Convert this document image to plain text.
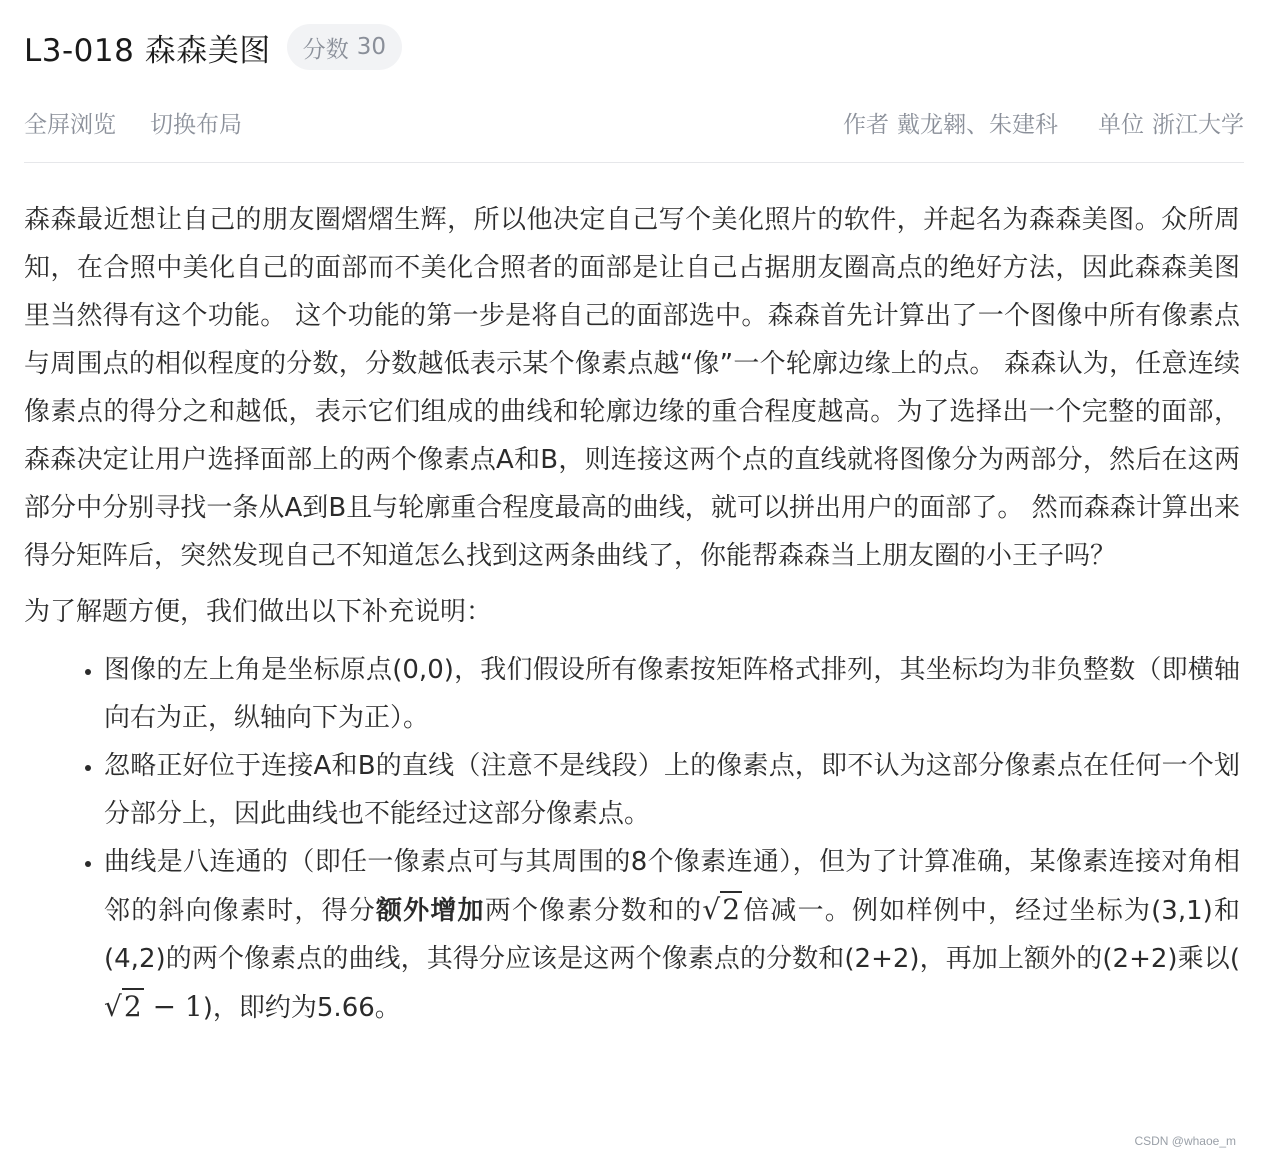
L3-018 森森美图 分数 30
全屏浏览 切换布局	作者 戴龙翱、朱建科 单位 浙江大学

森森最近想让自己的朋友圈熠熠生辉，所以他决定自己写个美化照片的软件，并起名为森森美图。众所周知，在合照中美化自己的面部而不美化合照者的面部是让自己占据朋友圈高点的绝好方法，因此森森美图里当然得有这个功能。 这个功能的第一步是将自己的面部选中。森森首先计算出了一个图像中所有像素点与周围点的相似程度的分数，分数越低表示某个像素点越“像”一个轮廓边缘上的点。 森森认为，任意连续像素点的得分之和越低，表示它们组成的曲线和轮廓边缘的重合程度越高。为了选择出一个完整的面部，森森决定让用户选择面部上的两个像素点A和B，则连接这两个点的直线就将图像分为两部分，然后在这两部分中分别寻找一条从A到B且与轮廓重合程度最高的曲线，就可以拼出用户的面部了。 然而森森计算出来得分矩阵后，突然发现自己不知道怎么找到这两条曲线了，你能帮森森当上朋友圈的小王子吗？

为了解题方便，我们做出以下补充说明：

• 图像的左上角是坐标原点(0,0)，我们假设所有像素按矩阵格式排列，其坐标均为非负整数（即横轴向右为正，纵轴向下为正）。
• 忽略正好位于连接A和B的直线（注意不是线段）上的像素点，即不认为这部分像素点在任何一个划分部分上，因此曲线也不能经过这部分像素点。
• 曲线是八连通的（即任一像素点可与其周围的8个像素连通），但为了计算准确，某像素连接对角相邻的斜向像素时，得分额外增加两个像素分数和的√2倍减一。例如样例中，经过坐标为(3,1)和(4,2)的两个像素点的曲线，其得分应该是这两个像素点的分数和(2+2)，再加上额外的(2+2)乘以(√2 − 1)，即约为5.66。
CSDN @whaoe_m
